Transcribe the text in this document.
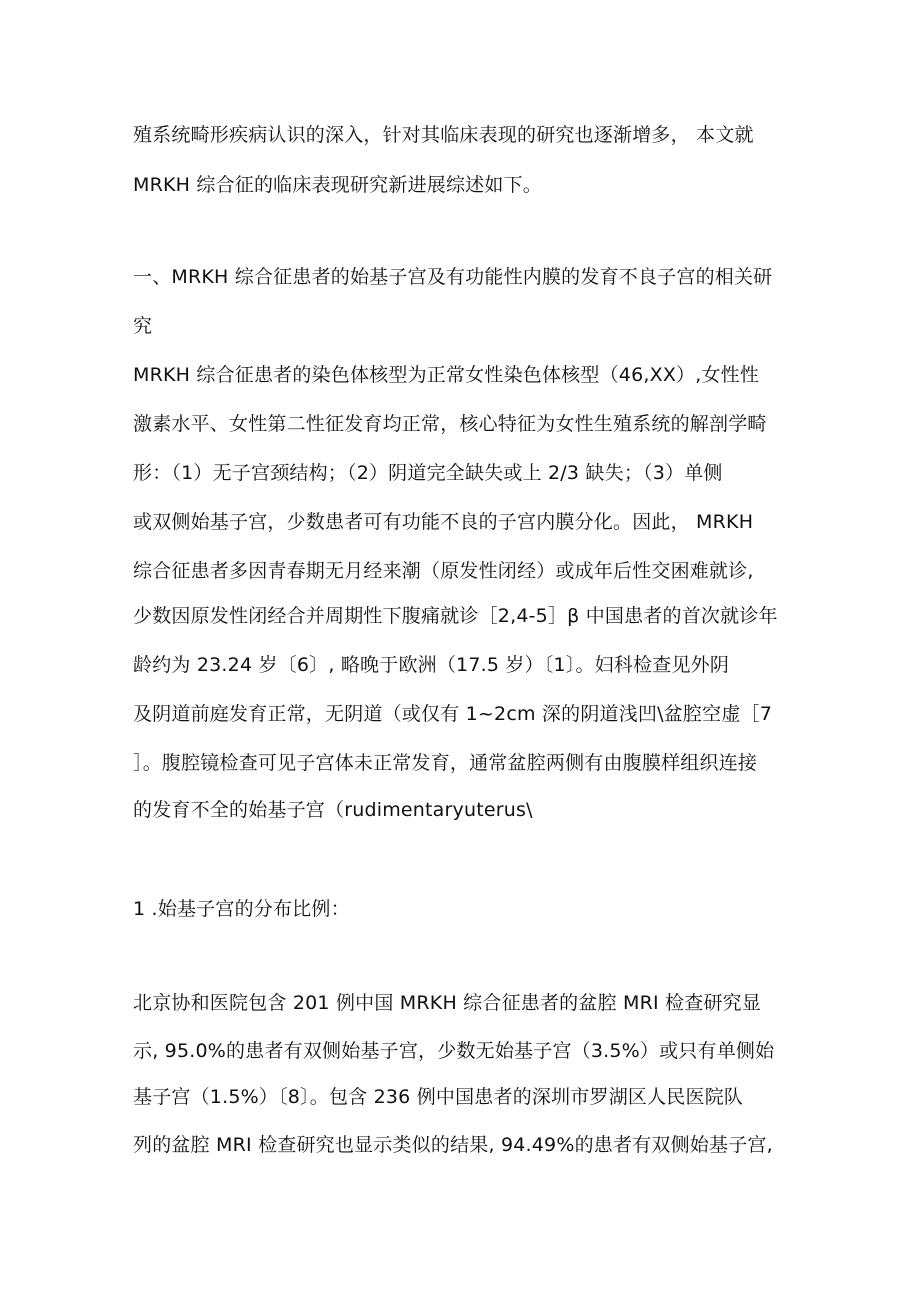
殖系统畸形疾病认识的深入，针对其临床表现的研究也逐渐增多， 本文就
MRKH 综合征的临床表现研究新进展综述如下。
一、MRKH 综合征患者的始基子宫及有功能性内膜的发育不良子宫的相关研
究
MRKH 综合征患者的染色体核型为正常女性染色体核型（46,XX）,女性性
激素水平、女性第二性征发育均正常，核心特征为女性生殖系统的解剖学畸
形：（1）无子宫颈结构；（2）阴道完全缺失或上 2/3 缺失；（3）单侧
或双侧始基子宫，少数患者可有功能不良的子宫内膜分化。因此， MRKH
综合征患者多因青春期无月经来潮（原发性闭经）或成年后性交困难就诊,
少数因原发性闭经合并周期性下腹痛就诊［2,4-5］β 中国患者的首次就诊年
龄约为 23.24 岁〔6〕, 略晚于欧洲（17.5 岁）〔1〕。妇科检查见外阴
及阴道前庭发育正常，无阴道（或仅有 1~2cm 深的阴道浅凹\盆腔空虚［7
］。腹腔镜检查可见子宫体未正常发育，通常盆腔两侧有由腹膜样组织连接
的发育不全的始基子宫（rudimentaryuterus\
1 .始基子宫的分布比例：
北京协和医院包含 201 例中国 MRKH 综合征患者的盆腔 MRI 检查研究显
示, 95.0%的患者有双侧始基子宫，少数无始基子宫（3.5%）或只有单侧始
基子宫（1.5%）〔8〕。包含 236 例中国患者的深圳市罗湖区人民医院队
列的盆腔 MRI 检查研究也显示类似的结果, 94.49%的患者有双侧始基子宫,
